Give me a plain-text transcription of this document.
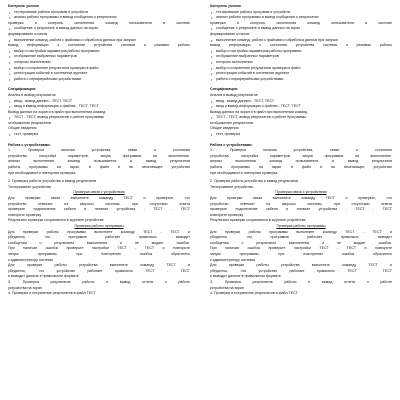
Контроль учения
• тестирование работы программ и устройств
• анализ работы программы и вывод сообщения о результатах
проверка и контроль исполнения команд пользователя в системе
• сообщение о результате и вывод данных на экран
формирование отчетов
• выполнение команд, работа с файлами и обработка данных при запуске
вывод информации о состоянии устройства системы и режимах работы
• выбор и настройка параметров работы программы
• отображение выбранных параметров
• контроль выполнения
• выбор и сохранение результатов проверки в файл
• регистрация событий в системном журнале
• работа с периферийными устройствами
Спецификация:
Анализ и вывод результатов
• ввод - вывод данных - ТЕСТ, ТЕСТ
• ввод и вывод информации о файлах - ТЕСТ, ТЕСТ
Вывод данных на экран и в файл при выполнении команд
• ТЕСТ - ТЕСТ, вывод результатов о работе программы
отображение результатов
Общие сведения
• тест, проверка
Работа с устройствами:
1. Проверка наличия устройства, связи и состояния
устройства, настройка параметров, запуск программы на выполнение,
анализ выполнения команд пользователя и вывод результатов
работы программы на экран, в файл и на печатающее устройство
при необходимости повторная проверка
2. Проверка работы устройства и вывод результатов
Тестирование устройства
Проверка связи с устройством
Для проверки связи выполните команду ТЕСТ и проверьте, что
устройство отвечает на запросы системы, при отсутствии ответа
проверьте подключение кабеля и питание устройства - ТЕСТ - ТЕСТ
повторите проверку
Результаты проверки сохраняются в журнале устройства
Проверка работы программы
Для проверки работы программы выполните команду ТЕСТ - ТЕСТ и
убедитесь, что программа работает правильно, выводит
сообщения о результатах выполнения и не выдает ошибок.
При наличии ошибок проверьте настройки ТЕСТ - ТЕСТ и повторите
запуск программы, при повторении ошибок обратитесь
к администратору системы
Для проверки работы устройства выполните команду ТЕСТ и
убедитесь, что устройство работает правильно ТЕСТ - ТЕСТ
и выводит данные в правильном формате
3. Проверка результатов работы и вывод отчета о работе
устройства на экран
4. Проверка и сохранение результатов в файл ТЕСТ
Контроль учения
• тестирование работы программ и устройств
• анализ работы программы и вывод сообщения о результатах
проверка и контроль исполнения команд пользователя в системе
• сообщение о результате и вывод данных на экран
формирование отчетов
• выполнение команд, работа с файлами и обработка данных при запуске
вывод информации о состоянии устройства системы и режимах работы
• выбор и настройка параметров работы программы
• отображение выбранных параметров
• контроль выполнения
• выбор и сохранение результатов проверки в файл
• регистрация событий в системном журнале
• работа с периферийными устройствами
Спецификация:
Анализ и вывод результатов
• ввод - вывод данных - ТЕСТ, ТЕСТ
• ввод и вывод информации о файлах - ТЕСТ, ТЕСТ
Вывод данных на экран и в файл при выполнении команд
• ТЕСТ - ТЕСТ, вывод результатов о работе программы
отображение результатов
Общие сведения
• тест, проверка
Работа с устройствами:
1. Проверка наличия устройства, связи и состояния
устройства, настройка параметров, запуск программы на выполнение,
анализ выполнения команд пользователя и вывод результатов
работы программы на экран, в файл и на печатающее устройство
при необходимости повторная проверка
2. Проверка работы устройства и вывод результатов
Тестирование устройства
Проверка связи с устройством
Для проверки связи выполните команду ТЕСТ и проверьте, что
устройство отвечает на запросы системы, при отсутствии ответа
проверьте подключение кабеля и питание устройства - ТЕСТ - ТЕСТ
повторите проверку
Результаты проверки сохраняются в журнале устройства
Проверка работы программы
Для проверки работы программы выполните команду ТЕСТ - ТЕСТ и
убедитесь, что программа работает правильно, выводит
сообщения о результатах выполнения и не выдает ошибок.
При наличии ошибок проверьте настройки ТЕСТ - ТЕСТ и повторите
запуск программы, при повторении ошибок обратитесь
к администратору системы
Для проверки работы устройства выполните команду ТЕСТ и
убедитесь, что устройство работает правильно ТЕСТ - ТЕСТ
и выводит данные в правильном формате
3. Проверка результатов работы и вывод отчета о работе
устройства на экран
4. Проверка и сохранение результатов в файл ТЕСТ
